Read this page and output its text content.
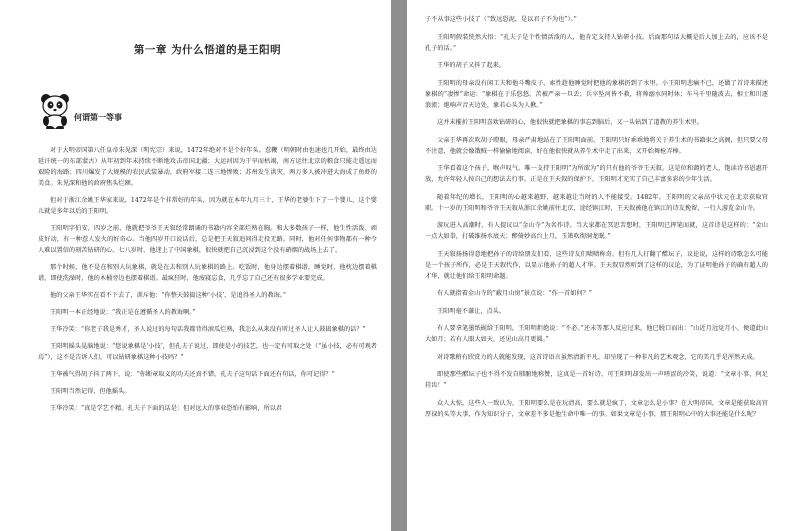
第一章 为什么悟道的是王阳明
何谓第一等事

对于大明帝国第八任皇帝朱见深（明宪宗）来说，1472年绝对不是个好年头。惹鞭（明朝时由也速也几开始，最终由达延汗统一的东部蒙古）从年初到年末持续不断地攻击帝国北疆；大运河因为干旱而枯竭，南方运往北京的粮食只能走遥远而艰险的海路；四川爆发了大规模的农民武装暴动，政府军接二连三地惨败；苏州发生洪灾，两万多人被冲进大海成了鱼虾的美食。朱见深和他的政府焦头烂额。

但对于浙江余姚王华家来说，1472年是个非常好的年头，因为就在本年九月三十，王华的老婆生下了一个婴儿，这个婴儿就是多年以后的王阳明。

王阳明字伯安，四岁之前，他就把爷爷王天叙经常朗诵的书籍内容全部烂熟在胸。和大多数孩子一样，他生性活泼、顽皮好动，有一种惹人发火的好奇心。当他四岁开口说话后，总是把王天叙追问得走投无路。同时，他对任何事物都有一种令人难以置信的刻苦钻研的心。七八岁时，他迷上了中国象棋，很快就把自己沉浸到这个没有硝烟的战场上去了。

那个时候，他不是在和别人玩象棋，就是在去和别人玩象棋的路上。吃饭时，他身边摆着棋谱，睡觉时，他枕边摆着棋谱，即使洗澡时，他的木桶旁边也摆着棋谱。最疯狂时，他废寝忘食，几乎忘了自己还有很多学业要完成。

他的父亲王华实在看不下去了，训斥他：“你整天鼓捣这种‘小技’，是追得圣人的教诲。”

王阳明一本正经地说：“我正是在遵循圣人的教诲啊。”

王华冷笑：“你老子我是秀才，圣人说过的每句话我都背得滚瓜烂熟，我怎么从来没有听过圣人让人鼓捣象棋的话？”

王阳明摇头晃脑地说：“您说象棋是‘小技’，但孔夫子说过，即使是小的技艺，也一定有可取之处（“虽小技，必有可观者焉”），这不是告诉人们，可以钻研象棋这种小技吗？”

王华被气得胡子抖了两下，说：“你断章取义的功夫还真不错。孔夫子这句话下面还有句话，你可记得？”

王阳明当然记得，但他摇头。

王华冷笑：“真是学艺不精。孔夫子下面的话是：但对远大的事业恐怕有影响，所以君

子不从事这些小技了（“致远恐泥，是以君子不为也”）。”

王阳明假装恍然大悟：“孔夫子是个性情活泼的人，他肯定支持人钻研小技。后面那句话大概是后人加上去的，应该不是孔子的话。”

王华的胡子又抖了起来。

王阳明的母亲没有闲工夫和他斗嘴皮子，索性趁他睡觉时把他的象棋扔到了水里。小王阳明悲痛不已，还做了首诗来描述象棋的“凄惨”命运：“象棋在于乐悠悠，苦被严亲一旦丢；兵卒坠河皆不救，将帅溺水同时休；车马千里随波去，相士和川逐浪流；炮响声音天边处，象若心头为人揪。”

这并未摧折王阳明喜欢钻研的心，他很快就把象棋的事忘到脑后，又一头钻到了道教的养生术里。

父亲王华再次吹胡子瞪眼，母亲严肃地站在了王阳明面前。王阳明只好乖乖地将关于养生术的书籍束之高阁，但只要父母不注意，他就会像饿贼一样偷偷地阅读，好在他很快就从养生术中走了出来，又开始舞枪弄棒。

王华看着这个孩子，喉声叹气。唯一支持王阳明“为所欲为”的只有他的爷爷王天叙。这是位和蔼的老人，饱读诗书恩惠开放，允许年轻人按自己的想法去行事。正是在王天叙的保护下，王阳明才充实了自己丰富多彩的少年生活。

随着年纪的增长，王阳明的心越来越野，越来越让当时的人不能接受。1482年，王阳明的父亲高中状元在北京获取官职。十一岁的王阳明和爷爷王天叙从浙江余姚前往北京，途经镇江时，王天叙被他在镇江的诗友挽留，一行人游览金山寺。

游玩进入高潮时，有人提议以“金山寺”为名作诗。当大家都在冥思苦想时，王阳明已挥笔而就，这首诗是这样的：“金山一点大如拳，打破维扬水底天；醉倚妙高台上月，玉箫吹彻洞龙眠。”

王天叙扬扬得意地把孙子的诗给朋友们看，这些诗友们啧啧称奇。但有几人打翻了醋坛子，议论说，这样的诗歌怎么可能是一个孩子所作，必是王天叙代作，以显示他孙子的超人才华。王天叙显然听到了这样的议论，为了证明他孙子的确有超人的才华，就让他们给王阳明命题。

有人就指着金山寺的“蔽月山房”景点说：“作一首如何？”

王阳明毫不谦让，点头。

有人要拿笔墨纸砚给王阳明，王阳明拒绝说：“不必。”还未等那人反应过来，他已脱口而出：“山近月远觉月小，便道此山大如月；若有人眼大如天，还见山高月更圆。”

对诗歌稍有欣赏力的人就能发现，这首诗语言虽然清新平凡，却呈现了一种非凡的艺术观念，它的美几乎是浑然天成。

即使那些醋坛子也不得不发自肺腑地称赞，这真是一首好诗。可王阳明却发出一声嗟涩的冷笑，说道：“文章小事，何足挂齿！”

众人大惊。这些人一致认为，王阳明要么是在玩清高，要么就是疯了，文章怎么是小事？在大明帝国，文章是能获取高官厚禄的头等大事，作为知识分子，文章差不多是他生命中唯一的事。如果文章是小事，那王阳明心中的大事还能是什么呢？
